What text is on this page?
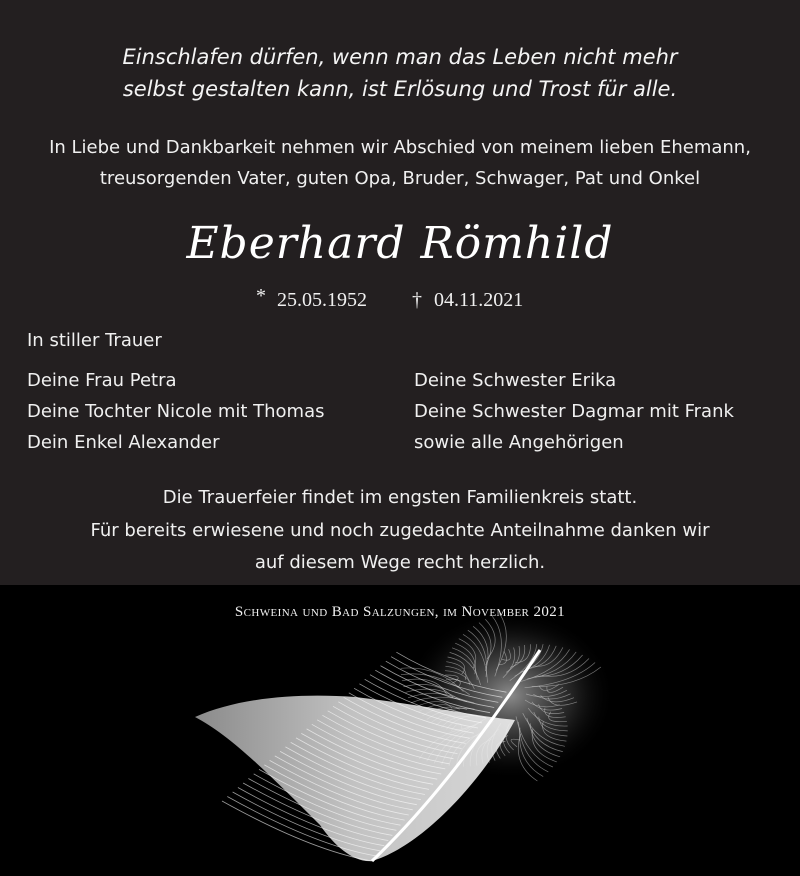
Einschlafen dürfen, wenn man das Leben nicht mehr
selbst gestalten kann, ist Erlösung und Trost für alle.
In Liebe und Dankbarkeit nehmen wir Abschied von meinem lieben Ehemann,
treusorgenden Vater, guten Opa, Bruder, Schwager, Pat und Onkel
Eberhard Römhild
* 25.05.1952 † 04.11.2021
In stiller Trauer
Deine Frau Petra
Deine Tochter Nicole mit Thomas
Dein Enkel Alexander
Deine Schwester Erika
Deine Schwester Dagmar mit Frank
sowie alle Angehörigen
Die Trauerfeier findet im engsten Familienkreis statt.
Für bereits erwiesene und noch zugedachte Anteilnahme danken wir
auf diesem Wege recht herzlich.
Schweina und Bad Salzungen, im November 2021
